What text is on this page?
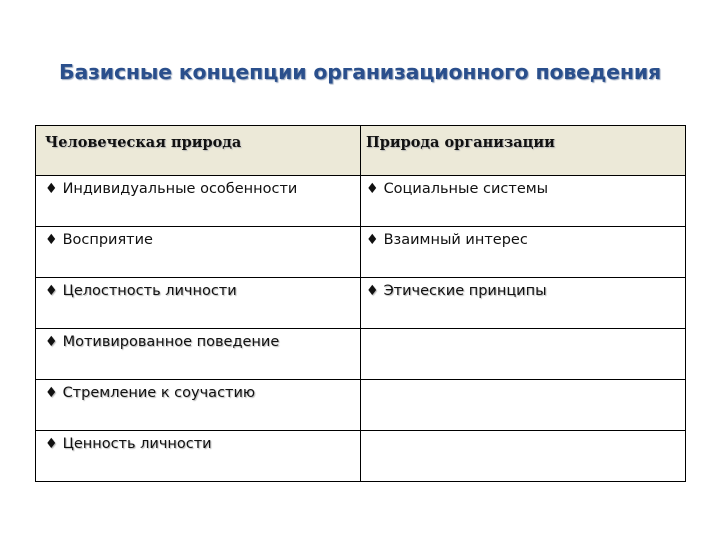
Базисные концепции организационного поведения
Человеческая природа	Природа организации
♦ Индивидуальные особенности	♦ Социальные системы
♦ Восприятие	♦ Взаимный интерес
♦ Целостность личности	♦ Этические принципы
♦ Мотивированное поведение	
♦ Стремление к соучастию	
♦ Ценность личности	
